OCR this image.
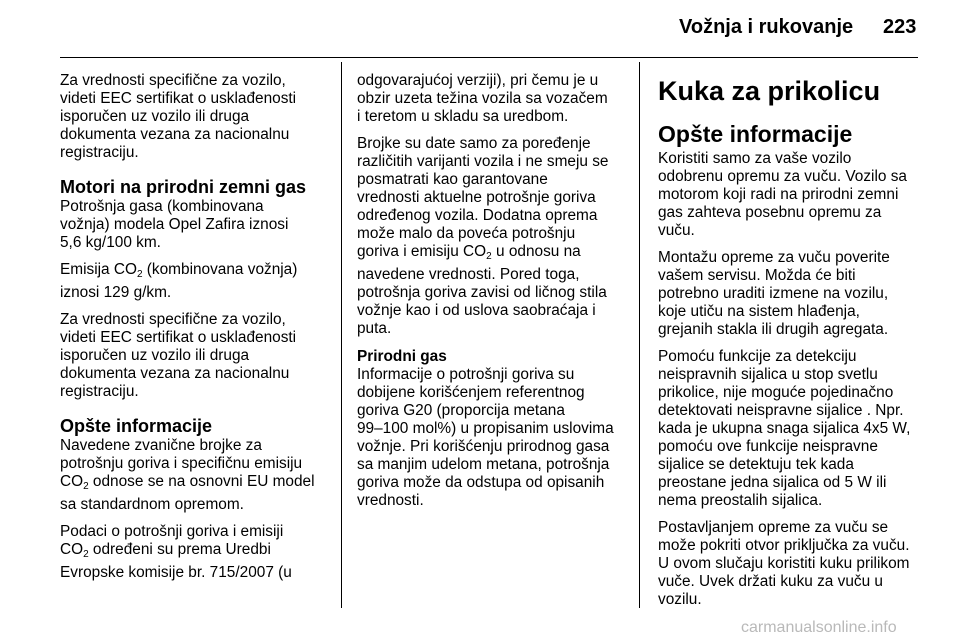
Vožnja i rukovanje 223

Za vrednosti specifične za vozilo,
videti EEC sertifikat o usklađenosti
isporučen uz vozilo ili druga
dokumenta vezana za nacionalnu
registraciju.

Motori na prirodni zemni gas

Potrošnja gasa (kombinovana
vožnja) modela Opel Zafira iznosi
5,6 kg/100 km.

Emisija $CO_2$ (kombinovana vožnja)
iznosi 129 g/km.

Za vrednosti specifične za vozilo,
videti EEC sertifikat o usklađenosti
isporučen uz vozilo ili druga
dokumenta vezana za nacionalnu
registraciju.

Opšte informacije

Navedene zvanične brojke za
potrošnju goriva i specifičnu emisiju
$CO_2$ odnose se na osnovni EU model
sa standardnom opremom.

Podaci o potrošnji goriva i emisiji
$CO_2$ određeni su prema Uredbi
Evropske komisije br. 715/2007 (u

odgovarajućoj verziji), pri čemu je u
obzir uzeta težina vozila sa vozačem
i teretom u skladu sa uredbom.

Brojke su date samo za poređenje
različitih varijanti vozila i ne smeju se
posmatrati kao garantovane
vrednosti aktuelne potrošnje goriva
određenog vozila. Dodatna oprema
može malo da poveća potrošnju
goriva i emisiju $CO_2$ u odnosu na
navedene vrednosti. Pored toga,
potrošnja goriva zavisi od ličnog stila
vožnje kao i od uslova saobraćaja i
puta.

Prirodni gas

Informacije o potrošnji goriva su
dobijene korišćenjem referentnog
goriva G20 (proporcija metana
99–100 mol%) u propisanim uslovima
vožnje. Pri korišćenju prirodnog gasa
sa manjim udelom metana, potrošnja
goriva može da odstupa od opisanih
vrednosti.

Kuka za prikolicu
Opšte informacije

Koristiti samo za vaše vozilo
odobrenu opremu za vuču. Vozilo sa
motorom koji radi na prirodni zemni
gas zahteva posebnu opremu za
vuču.

Montažu opreme za vuču poverite
vašem servisu. Možda će biti
potrebno uraditi izmene na vozilu,
koje utiču na sistem hlađenja,
grejanih stakla ili drugih agregata.

Pomoću funkcije za detekciju
neispravnih sijalica u stop svetlu
prikolice, nije moguće pojedinačno
detektovati neispravne sijalice . Npr.
kada je ukupna snaga sijalica 4x5 W,
pomoću ove funkcije neispravne
sijalice se detektuju tek kada
preostane jedna sijalica od 5 W ili
nema preostalih sijalica.

Postavljanjem opreme za vuču se
može pokriti otvor priključka za vuču.
U ovom slučaju koristiti kuku prilikom
vuče. Uvek držati kuku za vuču u
vozilu.

carmanualsonline.info
